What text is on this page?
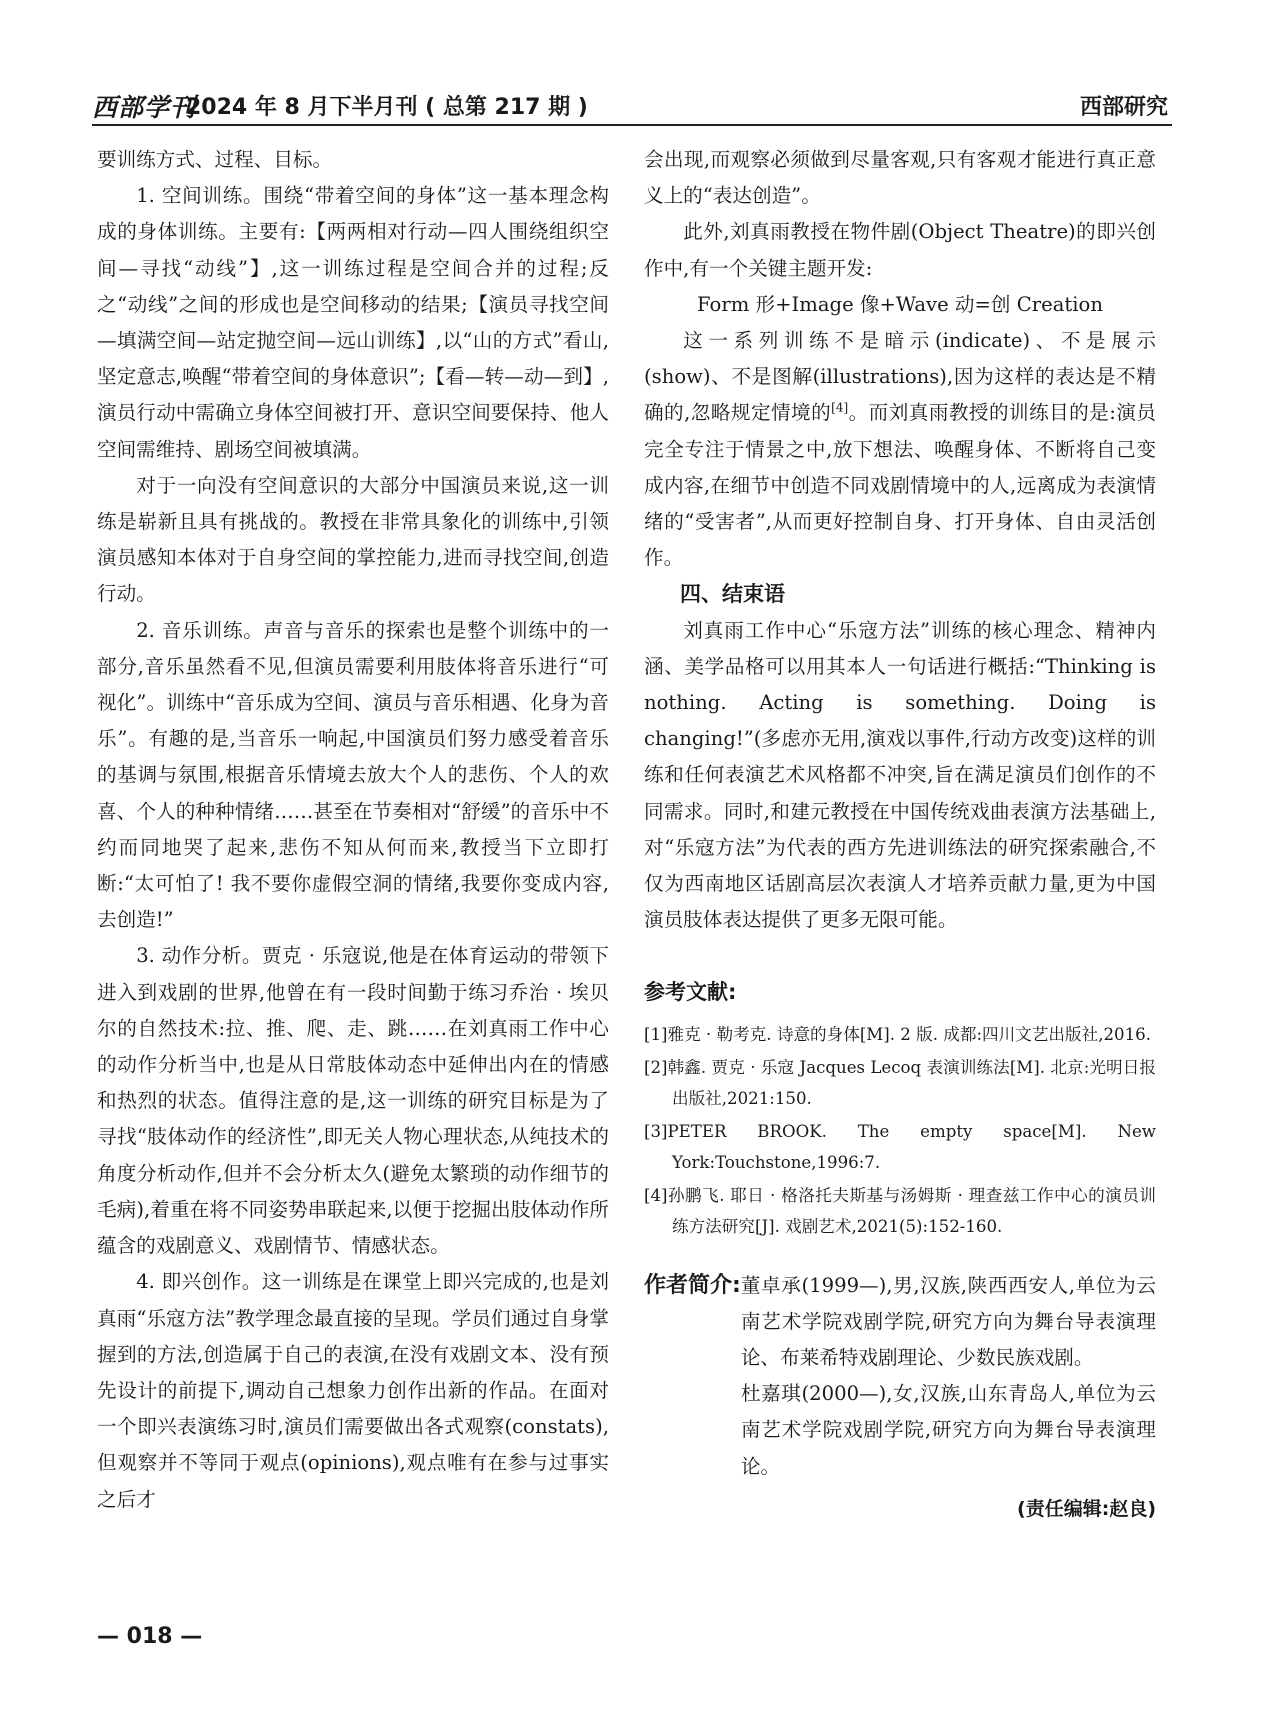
西部学刊
2024 年 8 月下半月刊 ( 总第 217 期 )	西部研究

要训练方式、过程、目标。

1. 空间训练。围绕“带着空间的身体”这一基本理念构成的身体训练。主要有:【两两相对行动—四人围绕组织空间—寻找“动线”】,这一训练过程是空间合并的过程;反之“动线”之间的形成也是空间移动的结果;【演员寻找空间—填满空间—站定抛空间—远山训练】,以“山的方式”看山,坚定意志,唤醒“带着空间的身体意识”;【看—转—动—到】,演员行动中需确立身体空间被打开、意识空间要保持、他人空间需维持、剧场空间被填满。

对于一向没有空间意识的大部分中国演员来说,这一训练是崭新且具有挑战的。教授在非常具象化的训练中,引领演员感知本体对于自身空间的掌控能力,进而寻找空间,创造行动。

2. 音乐训练。声音与音乐的探索也是整个训练中的一部分,音乐虽然看不见,但演员需要利用肢体将音乐进行“可视化”。训练中“音乐成为空间、演员与音乐相遇、化身为音乐”。有趣的是,当音乐一响起,中国演员们努力感受着音乐的基调与氛围,根据音乐情境去放大个人的悲伤、个人的欢喜、个人的种种情绪……甚至在节奏相对“舒缓”的音乐中不约而同地哭了起来,悲伤不知从何而来,教授当下立即打断:“太可怕了! 我不要你虚假空洞的情绪,我要你变成内容,去创造!”

3. 动作分析。贾克 · 乐寇说,他是在体育运动的带领下进入到戏剧的世界,他曾在有一段时间勤于练习乔治 · 埃贝尔的自然技术:拉、推、爬、走、跳……在刘真雨工作中心的动作分析当中,也是从日常肢体动态中延伸出内在的情感和热烈的状态。值得注意的是,这一训练的研究目标是为了寻找“肢体动作的经济性”,即无关人物心理状态,从纯技术的角度分析动作,但并不会分析太久(避免太繁琐的动作细节的毛病),着重在将不同姿势串联起来,以便于挖掘出肢体动作所蕴含的戏剧意义、戏剧情节、情感状态。

4. 即兴创作。这一训练是在课堂上即兴完成的,也是刘真雨“乐寇方法”教学理念最直接的呈现。学员们通过自身掌握到的方法,创造属于自己的表演,在没有戏剧文本、没有预先设计的前提下,调动自己想象力创作出新的作品。在面对一个即兴表演练习时,演员们需要做出各式观察(constats),但观察并不等同于观点(opinions),观点唯有在参与过事实之后才

会出现,而观察必须做到尽量客观,只有客观才能进行真正意义上的“表达创造”。

此外,刘真雨教授在物件剧(Object Theatre)的即兴创作中,有一个关键主题开发:

Form 形+Image 像+Wave 动=创 Creation

这一系列训练不是暗示(indicate)、不是展示(show)、不是图解(illustrations),因为这样的表达是不精确的,忽略规定情境的[4]。而刘真雨教授的训练目的是:演员完全专注于情景之中,放下想法、唤醒身体、不断将自己变成内容,在细节中创造不同戏剧情境中的人,远离成为表演情绪的“受害者”,从而更好控制自身、打开身体、自由灵活创作。

四、结束语

刘真雨工作中心“乐寇方法”训练的核心理念、精神内涵、美学品格可以用其本人一句话进行概括:“Thinking is nothing. Acting is something. Doing is changing!”(多虑亦无用,演戏以事件,行动方改变)这样的训练和任何表演艺术风格都不冲突,旨在满足演员们创作的不同需求。同时,和建元教授在中国传统戏曲表演方法基础上,对“乐寇方法”为代表的西方先进训练法的研究探索融合,不仅为西南地区话剧高层次表演人才培养贡献力量,更为中国演员肢体表达提供了更多无限可能。

参考文献:
[1]雅克 · 勒考克. 诗意的身体[M]. 2 版. 成都:四川文艺出版社,2016.
[2]韩鑫. 贾克 · 乐寇 Jacques Lecoq 表演训练法[M]. 北京:光明日报出版社,2021:150.
[3]PETER BROOK. The empty space[M]. New York:Touchstone,1996:7.
[4]孙鹏飞. 耶日 · 格洛托夫斯基与汤姆斯 · 理查兹工作中心的演员训练方法研究[J]. 戏剧艺术,2021(5):152-160.
作者简介: 董卓承(1999—),男,汉族,陕西西安人,单位为云南艺术学院戏剧学院,研究方向为舞台导表演理论、布莱希特戏剧理论、少数民族戏剧。

杜嘉琪(2000—),女,汉族,山东青岛人,单位为云南艺术学院戏剧学院,研究方向为舞台导表演理论。

(责任编辑:赵良)
— 018 —
